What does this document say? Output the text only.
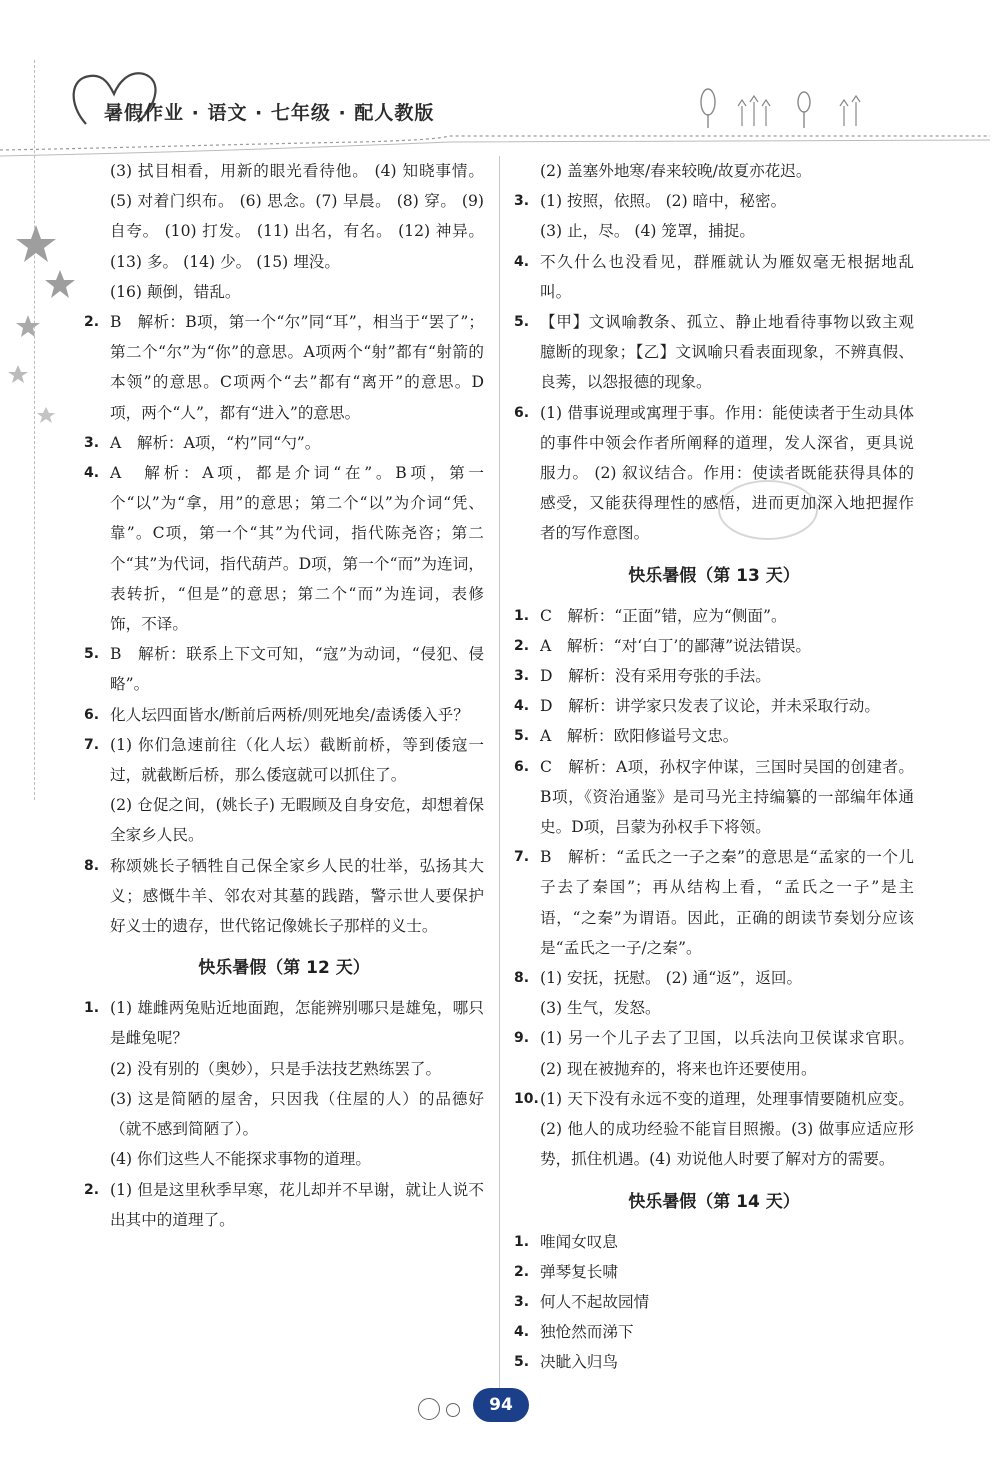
暑假作业 · 语文 · 七年级 · 配人教版
(3) 拭目相看，用新的眼光看待他。 (4) 知晓事情。 (5) 对着门织布。 (6) 思念。(7) 早晨。 (8) 穿。 (9) 自夸。 (10) 打发。 (11) 出名，有名。 (12) 神异。(13) 多。 (14) 少。 (15) 埋没。
(16) 颠倒，错乱。
2. B　解析：B项，第一个“尔”同“耳”，相当于“罢了”；第二个“尔”为“你”的意思。A项两个“射”都有“射箭的本领”的意思。C项两个“去”都有“离开”的意思。D项，两个“人”，都有“进入”的意思。
3. A　解析：A项，“杓”同“勺”。
4. A　解析：A项，都是介词“在”。B项，第一个“以”为“拿，用”的意思；第二个“以”为介词“凭、靠”。C项，第一个“其”为代词，指代陈尧咨；第二个“其”为代词，指代葫芦。D项，第一个“而”为连词，表转折，“但是”的意思；第二个“而”为连词，表修饰，不译。
5. B　解析：联系上下文可知，“寇”为动词，“侵犯、侵略”。
6. 化人坛四面皆水/断前后两桥/则死地矣/盍诱倭入乎？
7. (1) 你们急速前往（化人坛）截断前桥，等到倭寇一过，就截断后桥，那么倭寇就可以抓住了。
(2) 仓促之间，(姚长子) 无暇顾及自身安危，却想着保全家乡人民。
8. 称颂姚长子牺牲自己保全家乡人民的壮举，弘扬其大义；感慨牛羊、邻农对其墓的践踏，警示世人要保护好义士的遗存，世代铭记像姚长子那样的义士。
快乐暑假（第 12 天）
1. (1) 雄雌两兔贴近地面跑，怎能辨别哪只是雄兔，哪只是雌兔呢？
(2) 没有别的（奥妙），只是手法技艺熟练罢了。
(3) 这是简陋的屋舍，只因我（住屋的人）的品德好（就不感到简陋了）。
(4) 你们这些人不能探求事物的道理。
2. (1) 但是这里秋季早寒，花儿却并不早谢，就让人说不出其中的道理了。
(2) 盖塞外地寒/春来较晚/故夏亦花迟。
3. (1) 按照，依照。 (2) 暗中，秘密。
(3) 止，尽。 (4) 笼罩，捕捉。
4. 不久什么也没看见，群雁就认为雁奴毫无根据地乱叫。
5. 【甲】文讽喻教条、孤立、静止地看待事物以致主观臆断的现象；【乙】文讽喻只看表面现象，不辨真假、良莠，以怨报德的现象。
6. (1) 借事说理或寓理于事。作用：能使读者于生动具体的事件中领会作者所阐释的道理，发人深省，更具说服力。 (2) 叙议结合。作用：使读者既能获得具体的感受，又能获得理性的感悟，进而更加深入地把握作者的写作意图。
快乐暑假（第 13 天）
1. C　解析：“正面”错，应为“侧面”。
2. A　解析：“对‘白丁’的鄙薄”说法错误。
3. D　解析：没有采用夸张的手法。
4. D　解析：讲学家只发表了议论，并未采取行动。
5. A　解析：欧阳修谥号文忠。
6. C　解析：A项，孙权字仲谋，三国时吴国的创建者。B项，《资治通鉴》是司马光主持编纂的一部编年体通史。D项，吕蒙为孙权手下将领。
7. B　解析：“孟氏之一子之秦”的意思是“孟家的一个儿子去了秦国”；再从结构上看，“孟氏之一子”是主语，“之秦”为谓语。因此，正确的朗读节奏划分应该是“孟氏之一子/之秦”。
8. (1) 安抚，抚慰。 (2) 通“返”，返回。
(3) 生气，发怒。
9. (1) 另一个儿子去了卫国，以兵法向卫侯谋求官职。 (2) 现在被抛弃的，将来也许还要使用。
10. (1) 天下没有永远不变的道理，处理事情要随机应变。(2) 他人的成功经验不能盲目照搬。(3) 做事应适应形势，抓住机遇。(4) 劝说他人时要了解对方的需要。
快乐暑假（第 14 天）
1. 唯闻女叹息
2. 弹琴复长啸
3. 何人不起故园情
4. 独怆然而涕下
5. 决眦入归鸟
94
